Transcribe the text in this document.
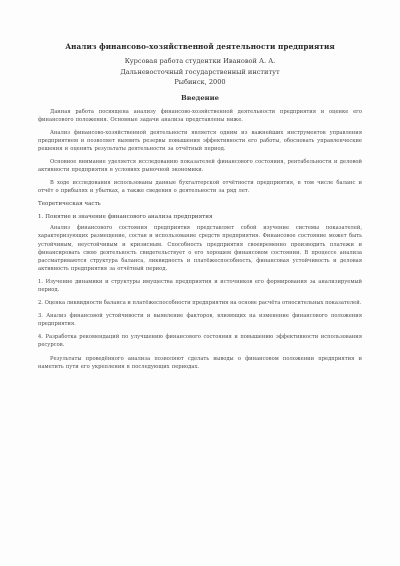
Анализ финансово-хозяйственной деятельности предприятия
Курсовая работа студентки Ивановой А. А.
Дальневосточный государственный институт
Рыбинск, 2000
Введение

Данная работа посвящена анализу финансово-хозяйственной деятельности предприятия и оценке его финансового положения. Основные задачи анализа представлены ниже.

Анализ финансово-хозяйственной деятельности является одним из важнейших инструментов управления предприятием и позволяет выявить резервы повышения эффективности его работы, обосновать управленческие решения и оценить результаты деятельности за отчётный период.

Основное внимание уделяется исследованию показателей финансового состояния, рентабельности и деловой активности предприятия в условиях рыночной экономики.

В ходе исследования использованы данные бухгалтерской отчётности предприятия, в том числе баланс и отчёт о прибылях и убытках, а также сведения о деятельности за ряд лет.

Теоретическая часть
1. Понятие и значение финансового анализа предприятия

Анализ финансового состояния предприятия представляет собой изучение системы показателей, характеризующих размещение, состав и использование средств предприятия. Финансовое состояние может быть устойчивым, неустойчивым и кризисным. Способность предприятия своевременно производить платежи и финансировать свою деятельность свидетельствует о его хорошем финансовом состоянии. В процессе анализа рассматриваются структура баланса, ликвидность и платёжеспособность, финансовая устойчивость и деловая активность предприятия за отчётный период.

1. Изучение динамики и структуры имущества предприятия и источников его формирования за анализируемый период.

2. Оценка ликвидности баланса и платёжеспособности предприятия на основе расчёта относительных показателей.

3. Анализ финансовой устойчивости и выявление факторов, влияющих на изменение финансового положения предприятия.

4. Разработка рекомендаций по улучшению финансового состояния и повышению эффективности использования ресурсов.

Результаты проведённого анализа позволяют сделать выводы о финансовом положении предприятия и наметить пути его укрепления в последующих периодах.
